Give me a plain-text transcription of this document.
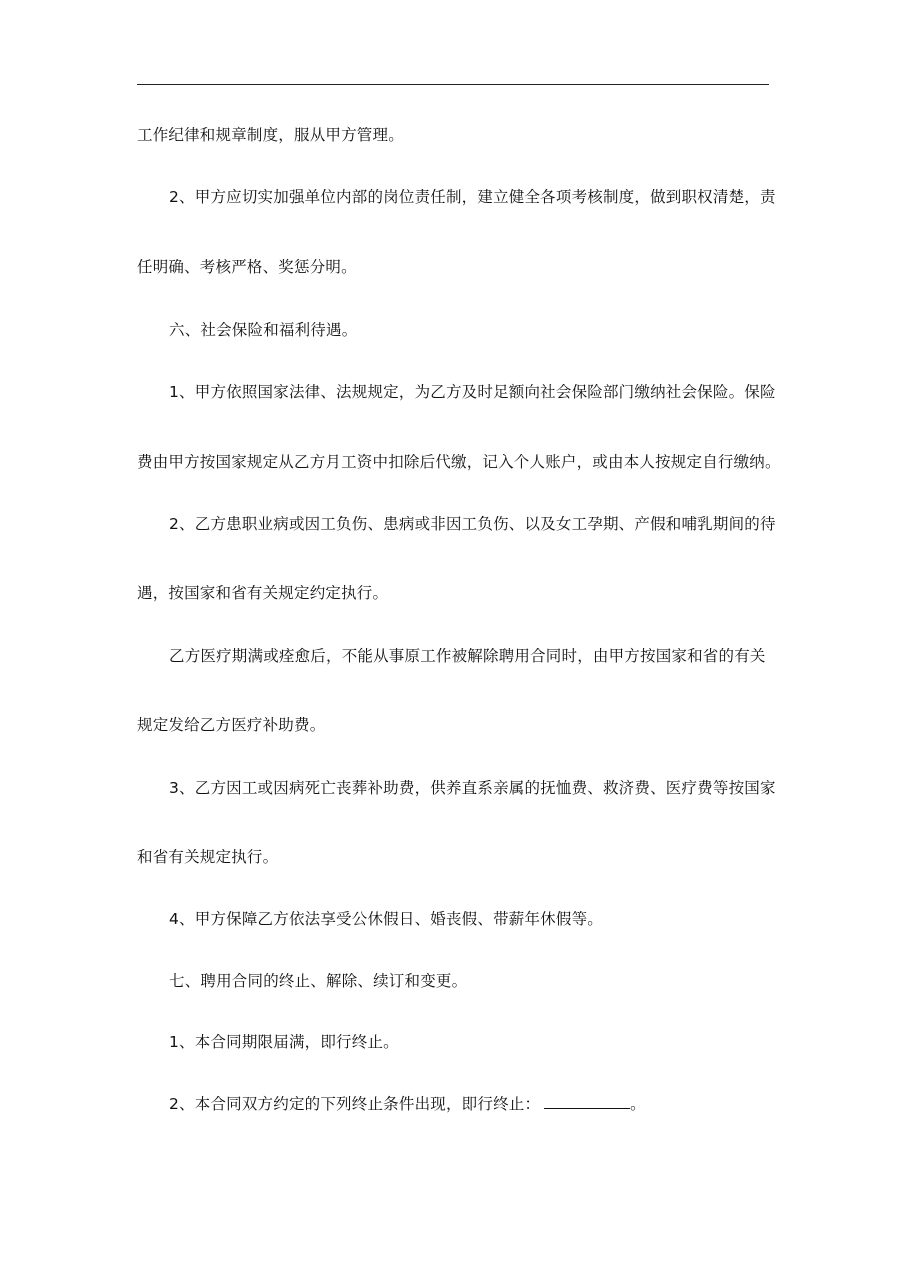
工作纪律和规章制度，服从甲方管理。

2、甲方应切实加强单位内部的岗位责任制，建立健全各项考核制度，做到职权清楚，责

任明确、考核严格、奖惩分明。

六、社会保险和福利待遇。

1、甲方依照国家法律、法规规定，为乙方及时足额向社会保险部门缴纳社会保险。保险

费由甲方按国家规定从乙方月工资中扣除后代缴，记入个人账户，或由本人按规定自行缴纳。

2、乙方患职业病或因工负伤、患病或非因工负伤、以及女工孕期、产假和哺乳期间的待

遇，按国家和省有关规定约定执行。

乙方医疗期满或痊愈后，不能从事原工作被解除聘用合同时，由甲方按国家和省的有关

规定发给乙方医疗补助费。

3、乙方因工或因病死亡丧葬补助费，供养直系亲属的抚恤费、救济费、医疗费等按国家

和省有关规定执行。

4、甲方保障乙方依法享受公休假日、婚丧假、带薪年休假等。

七、聘用合同的终止、解除、续订和变更。

1、本合同期限届满，即行终止。

2、本合同双方约定的下列终止条件出现，即行终止：	。
